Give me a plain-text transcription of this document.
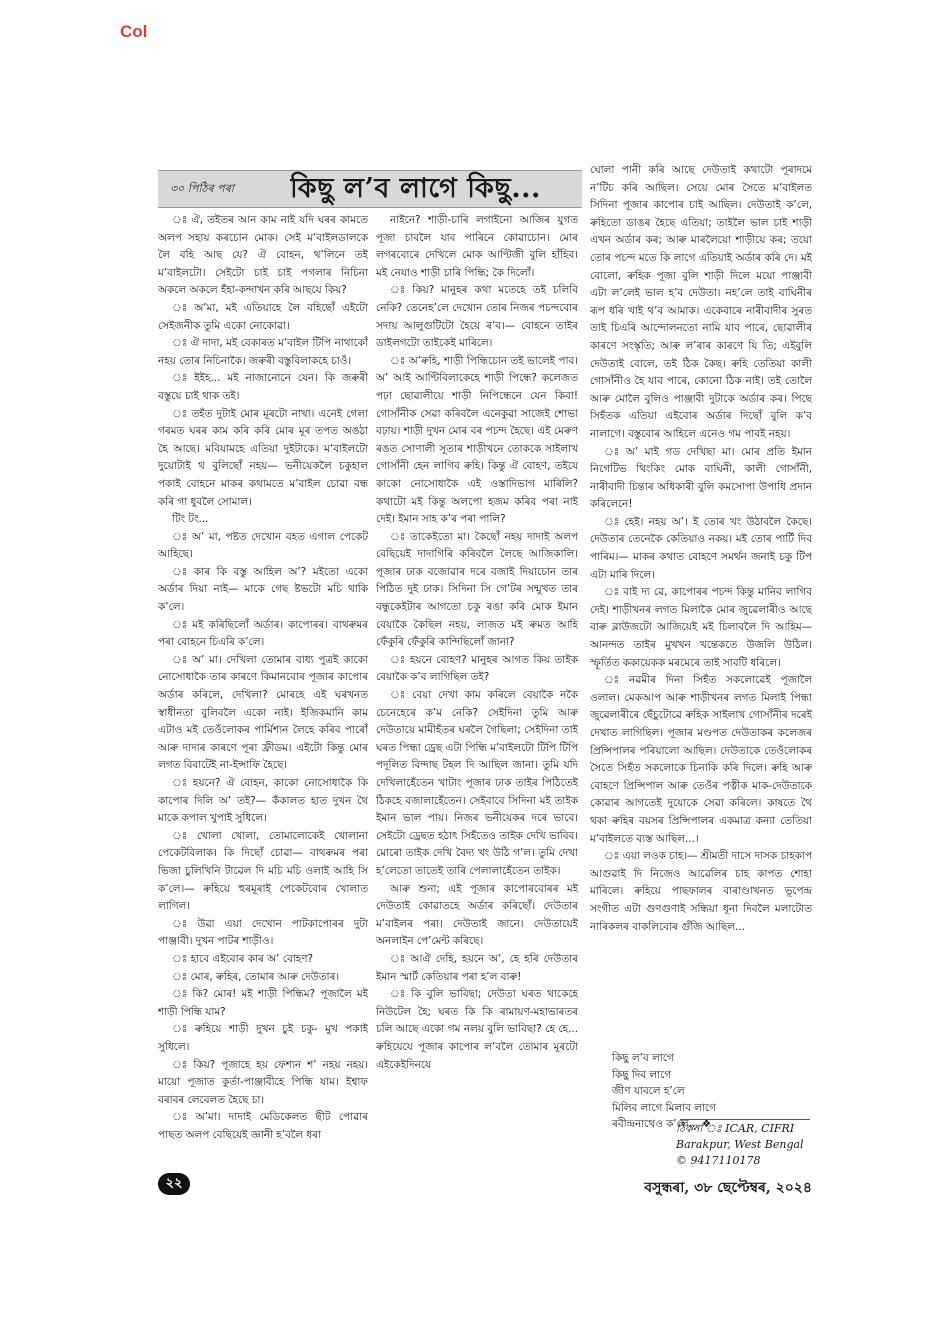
Col
৩০ পিঠিৰ পৰা কিছু ল’ব লাগে কিছু...

ঃ ঐ, তইতৰ আন কাম নাই যদি ঘৰৰ কামতে অলপ সহায় কৰচোন মোক। সেই ম’বাইলডালকে লৈ বহি আছ যে? ঐ বোহন, থ’লিনে তই ম’বাইলটো। সেইটো চাই চাই পগলাৰ নিচিনা অকলে অকলে হঁহা-কন্দাখন কৰি আছযে কিয়?

ঃ অ’মা, মই এতিয়াহে লৈ বহিছোঁ এইটো সেইজনীক তুমি একো নোকোৱা।

ঃ ঐ দাদা, মই বেকাৰত ম’বাইল টিপি নাথাকোঁ নহয় তোৰ নিচিনাকৈ। জৰুৰী বস্তুবিলাকহে চাওঁ।

ঃ ইইহ... মই নাজানোনে যেন। কি জৰুৰী বস্তুয়ে চাই থাক তই।

ঃ তহঁত দুটাই মোৰ মূৰটো নাখা। এনেই গেলা গৰমত ঘৰৰ কাম কৰি কৰি মোৰ মূৰ তপত অঙঠা হৈ আছে। মবিয়ামহে এতিয়া দুইটাকে। ম’বাইলটো দুয়োটাই থ বুলিছোঁ নহয়— ভনীয়েকলৈ চকুহাল পকাই বোহনে মাকৰ কথামতে ম’বাইল চোৱা বন্ধ কৰি গা ধুবলৈ সোমাল।

টিং টং...

ঃ অ’ মা, পষ্টত দেখোন বহত এগাল পেকেট আহিছে।

ঃ কাৰ কি বস্তু আহিল অ’? মইতো একো অৰ্ডাৰ দিয়া নাই— মাকে গেছ ষ্টভটো মচি থাকি ক’লে।

ঃ মই কৰিছিলোঁ অৰ্ডাৰ। কাপোৰৰ। বাথৰুমৰ পৰা বোহনে চিএৰি ক’লে।

ঃ অ’ মা। দেখিলা তোমাৰ বাধ্য পুত্ৰই কাকো নোসোধাকৈ তাৰ কাৰণে কিমানবোৰ পূজাৰ কাপোৰ অৰ্ডাৰ কৰিলে, দেখিলা? মোৰহে এই ঘৰখনত স্বাধীনতা বুলিবলৈ একো নাই। ইজিকমানি কাম এটাও মই তেওঁলোকৰ পাৰ্মিশ্যন লৈহে কৰিব পাৰোঁ আৰু দাদাৰ কাৰণে পূৰা ফ্ৰীডম। এইটো কিন্তু মোৰ লগত বিবাটেই না-ইন্সাফি হৈছে।

ঃ হয়নে? ঐ বোহন, কাকো নোসোধাকৈ কি কাপোৰ দিলি অ’ তই?— কঁকালত হাত দুখন থৈ মাকে কপাল খুপাই সুধিলে।

ঃ খোলা খোলা, তোমালোকেই খোলানা পেকেটবিলাক। কি দিছোঁ চোৱা— বাথৰুমৰ পৰা ভিজা চুলিখিনি টাৱেল দি মচি মচি ওলাই আহি সি ক’লে।— ৰুহিয়ে হুৰমূৰাই পেকেটবোৰ খোলাত লাগিল।

ঃ উৱা এয়া দেখোন পাটকাপোৰৰ দুটা পাঞ্জাবী। দুখন পাটৰ শাড়ীও।

ঃ হাবে এইবোৰ কাৰ অ’ বোহণ?

ঃ মোৰ, ৰুহিৰ, তোমাৰ আৰু দেউতাৰ।

ঃ কি? মোৰ! মই শাড়ী পিন্ধিম? পূজালৈ মই শাড়ী পিন্ধি যাম?

ঃ ৰুহিয়ে শাড়ী দুখন চুই চকু- মুখ পকাই সুধিলে।

ঃ কিয়? পূজাহে হয় ফেশ্যন শ’ নহয় নহয়। মায়ো পূজাত কুৰ্তা-পাঞ্জাবীহে পিন্ধি যাম। ইশ্বাফ বৰাবৰ লেবেলত হৈছে চা।

ঃ অ’মা। দাদাই মেডিকেলত ছীট পোৱাৰ পাছত অলপ বেছিয়েই জ্ঞানী হ’বলৈ ধৰা

নাইনে? শাড়ী-চাৰি লগাইনো আজিৰ যুগত পূজা চাবলৈ যাব পাৰিনে কোৱাচোন। মোৰ লগৰবোৰে দেখিলে মোক আণ্টিজী বুলি হাঁহিব। মই নেযাও শাড়ী চাৰি পিন্ধি; কৈ দিলোঁ।

ঃ কিয়? মানুহৰ কথা মতেহে তই চলিবি নেকি? তেনেহ’লে দেখোন তোৰ নিজৰ পচন্দবোৰ সদায় আলুগুটিটো হৈয়ে ৰ’ব।— বোহনে তাইৰ ডাইলগটো তাইকেই মাৰিলে।

ঃ অ’ৰুহি, শাড়ী পিন্ধিচোন তই ভালেই পাব। অ’ আই আণ্টিবিলাকেহে শাড়ী পিন্ধে? কলেজত পঢ়া ছোৱালীয়ে শাড়ী নিপিন্ধেনে যেন কিবা! গোসাঁনীক সেৱা কৰিবলৈ এনেকুৱা সাজেই শোভা বঢ়ায়। শাড়ী দুখন মোৰ বৰ পচন্দ হৈছে। এই মেৰুণ ৰঙত সোণালী সূতাৰ শাড়ীখনে তোককে সাইলাখ গোসাঁনী হেন লাগিব ৰুহি। কিন্তু ঐ বোহণ, তইযে কাকো নোসোধাকৈ এই ওস্তাদিভাগ মাৰিলি? কথাটো মই কিন্তু অলপো হজম কৰিব পৰা নাই দেই। ইমান সাহ ক’ৰ পৰা পালি?

ঃ তাকেইতো মা। কৈছোঁ নহয় দাদাই অলপ বেছিয়েই দাদাগিৰি কৰিবলৈ লৈছে আজিকালি। পূজাৰ ঢাক বজোৱাৰ দৰে বজাই দিয়াচোন তাৰ পিঠিত দুই ঢাক। সিদিনা সি গে’টৰ সন্মুখত তাৰ বন্ধুকেইটাৰ আগতো চকু ৰঙা কৰি মোক ইমান বেয়াকৈ কৈছিল নহয়, লাজত মই ৰুমত আহি ফেঁকুৰি ফেঁকুৰি কান্দিছিলোঁ জানা?

ঃ হয়নে বোহণ? মানুহৰ আগত কিয় তাইক বেয়াকৈ ক’ব লাগিছিল তই?

ঃ বেয়া দেখা কাম কৰিলে বেয়াকৈ নকৈ চেনেহেৰে ক’ম নেকি? সেইদিনা তুমি আৰু দেউতায়ে মামীহঁতৰ ঘৰলৈ গৈছিলা; সেইদিনা তাই ঘৰত পিন্ধা ড্ৰেছ এটা পিন্ধি ম’বাইলটো টিপি টিপি পদূলিত বিন্দাছ টহল দি আছিল জানা। তুমি যদি দেখিলাহেঁতেন খাটাং পূজাৰ ঢাক তাইৰ পিঠিতেই ঠিকহে বজালাহেঁতেন। সেইবাবে সিদিনা মই তাইক ইমান ভাল পায়। নিজৰ ভনীয়েকৰ দৰে ভাবে। সেইটো ড্ৰেছত হঠাৎ সিহঁতেও তাইক দেখি ভাবিব। মোৰো তাইক দেখি বৈদ্য খং উঠি গ’ল। তুমি দেখা হ’লেতো তাতেই তাৰি পেলালাহেঁতেন তাইক।

আৰু শুনা; এই পূজাৰ কাপোৰবোৰৰ মই দেউতাই কোৱাতহে অৰ্ডাৰ কৰিছোঁ। দেউতাৰ ম’বাইলৰ পৰা। দেউতাই জানে। দেউতায়েই অনলাইন পে’মেন্ট কৰিছে।

ঃ আঐ দেহি, হয়নে অ’, হে হৰি দেউতাৰ ইমান স্মাৰ্ট কেতিয়াৰ পৰা হ’ল বাৰু!

ঃ কি বুলি ভাবিছা; দেউতা ঘৰত থাকেহে নিউটেল হৈ; ঘৰত কি কি ৰামায়ণ-মহাভাৰতৰ চলি আছে একো গম নলয় বুলি ভাবিছা? হে হে... ৰুহিয়েযে পূজাৰ কাপোৰ ল’বলৈ তোমাৰ মূৰটো এইকেইদিনযে

ঘোলা পানী কৰি আছে দেউতাই কথাটো পূৰাদমে ন’টিচ কৰি আছিল। সেয়ে মোৰ সৈতে ম’বাইলত সিদিনা পূজাৰ কাপোৰ চাই আছিল। দেউতাই ক’লে, ৰুহিতো ডাঙৰ হৈছে এতিয়া; তাইলৈ ভাল চাই শাড়ী এখন অৰ্ডাৰ কৰ; আৰু মাৰলৈয়ো শাড়ীয়ে কৰ; তয়ো তোৰ পচন্দ মতে কি লাগে এতিয়াই অৰ্ডাৰ কৰি দে। মই বোলো, ৰুহিক পূজা বুলি শাড়ী দিলে ময়ো পাঞ্জাবী এটা ল’লেই ভাল হ’ব দেউতা। নহ’লে তাই বাঘিনীৰ ৰূপ ধৰি খাই থ’ব আমাক। একেবাৰে নাৰীবাদীৰ সুৰত তাই চিএৰি আন্দোলনতো নামি যাব পাৰে, ছোৱালীৰ কাৰণে সংস্কৃতি; আৰু ল’ৰাৰ কাৰণে যি তি; এইবুলি দেউতাই বোলে, তই ঠিক কৈছ। ৰুহি তেতিয়া কালী গোসাঁনীও হৈ যাব পাৰে, কোনো ঠিক নাই। তই তোলৈ আৰু মোলৈ বুলিও পাঞ্জাবী দুটাকে অৰ্ডাৰ কৰ। পিছে সিহঁতক এতিয়া এইবোৰ অৰ্ডাৰ দিছোঁ বুলি ক’ব নালাগে। বস্তুবোৰ আহিলে এনেও গম পাবই নহয়।

ঃ অ’ মাই গড দেখিছা মা। মোৰ প্ৰতি ইমান নিগেটিভ থিংকিং মোক বাঘিনী, কালী গোসাঁনী, নাৰীবাদী চিন্তাৰ অধিকাৰী বুলি কমসোপা উপাধি প্ৰদান কৰিলেনে!

ঃ হেই। নহয় অ’। ই তোৰ খং উঠাবলৈ কৈছে। দেউতাৰ তেনেকৈ কেতিয়াও নকয়। মই তোৰ পাৰ্টি দিব পাৰিম।— মাকৰ কথাত বোহণে সমৰ্থন জনাই চকু টিপ এটা মাৰি দিলে।

ঃ বাই দ্য ৱে, কাপোৰৰ পচন্দ কিন্তু মানিব লাগিব দেই। শাড়ীখনৰ লগত মিলাকৈ মোৰ জুৱেলাৰীও আছে বাৰু ব্লাউজটো আজিয়েই মই চিলাবলৈ দি আহিম— আনন্দত তাইৰ মুখখন খন্তেকতে উজলি উঠিল। স্ফূৰ্তিত ককায়েকক মৰমেৰে তাই সাবটি ধৰিলে।

ঃ নৱমীৰ দিনা সিহঁত সকলোৱেই পূজালৈ ওলাল। মেকআপ আৰু শাড়ীখনৰ লগত মিলাই পিন্ধা জুৱেলাৰীৰে ছেঁচুটোৱে ৰুহিক সাইলাখ গোসাঁনীৰ দৰেই দেখাত লাগিছিল। পূজাৰ মণ্ডপত দেউতাকৰ কলেজৰ প্ৰিন্সিপালৰ পৰিয়ালো আছিল। দেউতাকে তেওঁলোকৰ সৈতে সিহঁত সকলোকে চিনাকি কৰি দিলে। ৰুহি আৰু বোহণে প্ৰিন্সিপাল আৰু তেওঁৰ পত্নীক মাক-দেউতাকে কোৱাৰ আগতেই দুয়োকে সেৱা কৰিলে। কাষতে থৈ থকা ৰুহিৰ বয়সৰ প্ৰিন্সিপালৰ একমাত্ৰ কন্যা তেতিয়া ম’বাইলতে ব্যস্ত আছিল...।

ঃ এয়া লওক চাহ।— শ্ৰীমতী দাসে দাসক চাহকাপ আগুৱাই দি নিজেও আৱেলিৰ চাহ কাপত শোহা মাৰিলে। ৰুহিয়ে পাছফালৰ বাৰাণ্ডাখনত ভূপেন্দ্ৰ সংগীত এটা গুণগুণাই সন্ধিয়া ধূনা দিবলৈ মলাটোত নাৰিকলৰ বাকলিবোৰ গুঁজি আছিল...

কিছু ল’ব লাগে
কিছু দিব লাগে
জীণ যাবলে হ’লে
মিলিব লাগে মিলাব লাগে
ৰবীন্দ্ৰনাথেও ক’লে... ❖
ঠিকনা ঃ ICAR, CIFRI
Barakpur, West Bengal
© 9417110178
২২	বসুন্ধৰা, ৩৮ ছেপ্টেম্বৰ, ২০২৪
